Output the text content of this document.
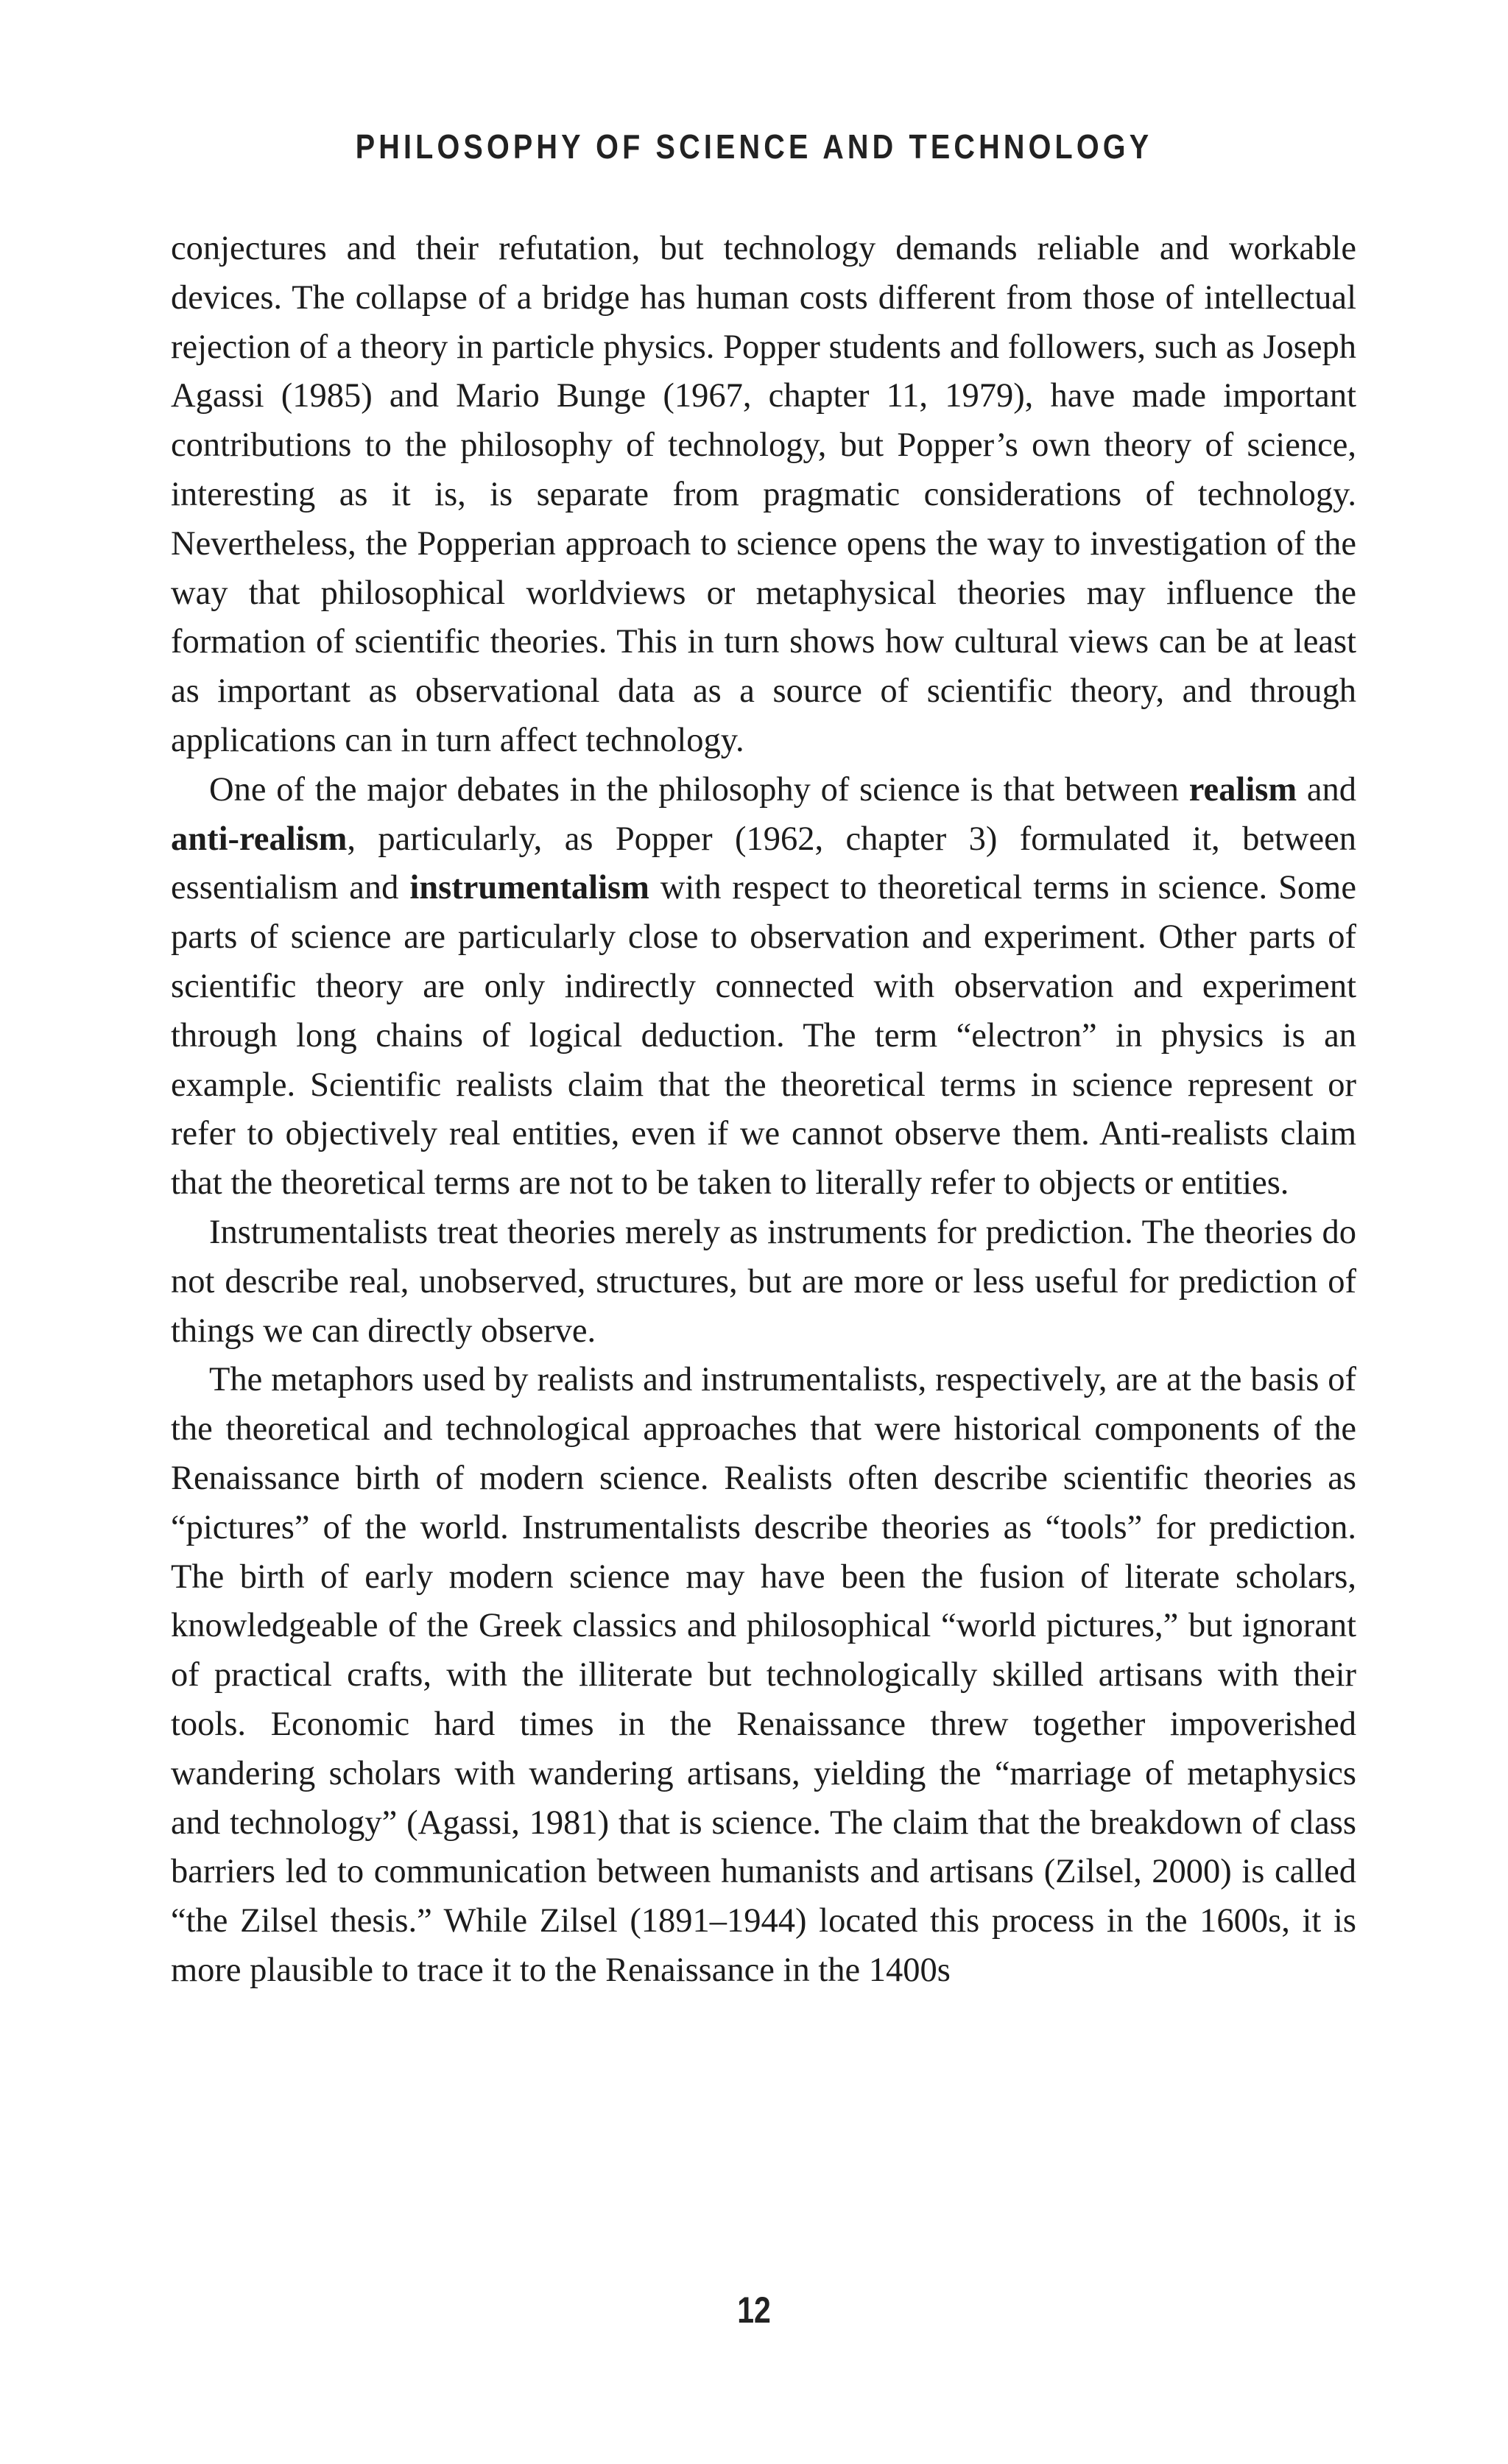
PHILOSOPHY OF SCIENCE AND TECHNOLOGY

conjectures and their refutation, but technology demands reliable and workable devices. The collapse of a bridge has human costs different from those of intellectual rejection of a theory in particle physics. Popper students and followers, such as Joseph Agassi (1985) and Mario Bunge (1967, chapter 11, 1979), have made important contributions to the philosophy of technology, but Popper’s own theory of science, interesting as it is, is separate from pragmatic considerations of technology. Nevertheless, the Popperian approach to science opens the way to investigation of the way that philosophical worldviews or metaphysical theories may influence the formation of scientific theories. This in turn shows how cultural views can be at least as important as observational data as a source of scientific theory, and through applications can in turn affect technology.

One of the major debates in the philosophy of science is that between realism and anti-realism, particularly, as Popper (1962, chapter 3) formulated it, between essentialism and instrumentalism with respect to theoretical terms in science. Some parts of science are particularly close to observation and experiment. Other parts of scientific theory are only indirectly connected with observation and experiment through long chains of logical deduction. The term “electron” in physics is an example. Scientific realists claim that the theoretical terms in science represent or refer to objectively real entities, even if we cannot observe them. Anti-realists claim that the theoretical terms are not to be taken to literally refer to objects or entities.

Instrumentalists treat theories merely as instruments for prediction. The theories do not describe real, unobserved, structures, but are more or less useful for prediction of things we can directly observe.

The metaphors used by realists and instrumentalists, respectively, are at the basis of the theoretical and technological approaches that were historical components of the Renaissance birth of modern science. Realists often describe scientific theories as “pictures” of the world. Instrumentalists describe theories as “tools” for prediction. The birth of early modern science may have been the fusion of literate scholars, knowledgeable of the Greek classics and philosophical “world pictures,” but ignorant of practical crafts, with the illiterate but technologically skilled artisans with their tools. Economic hard times in the Renaissance threw together impoverished wandering scholars with wandering artisans, yielding the “marriage of metaphysics and technology” (Agassi, 1981) that is science. The claim that the breakdown of class barriers led to communication between humanists and artisans (Zilsel, 2000) is called “the Zilsel thesis.” While Zilsel (1891–1944) located this process in the 1600s, it is more plausible to trace it to the Renaissance in the 1400s

12
